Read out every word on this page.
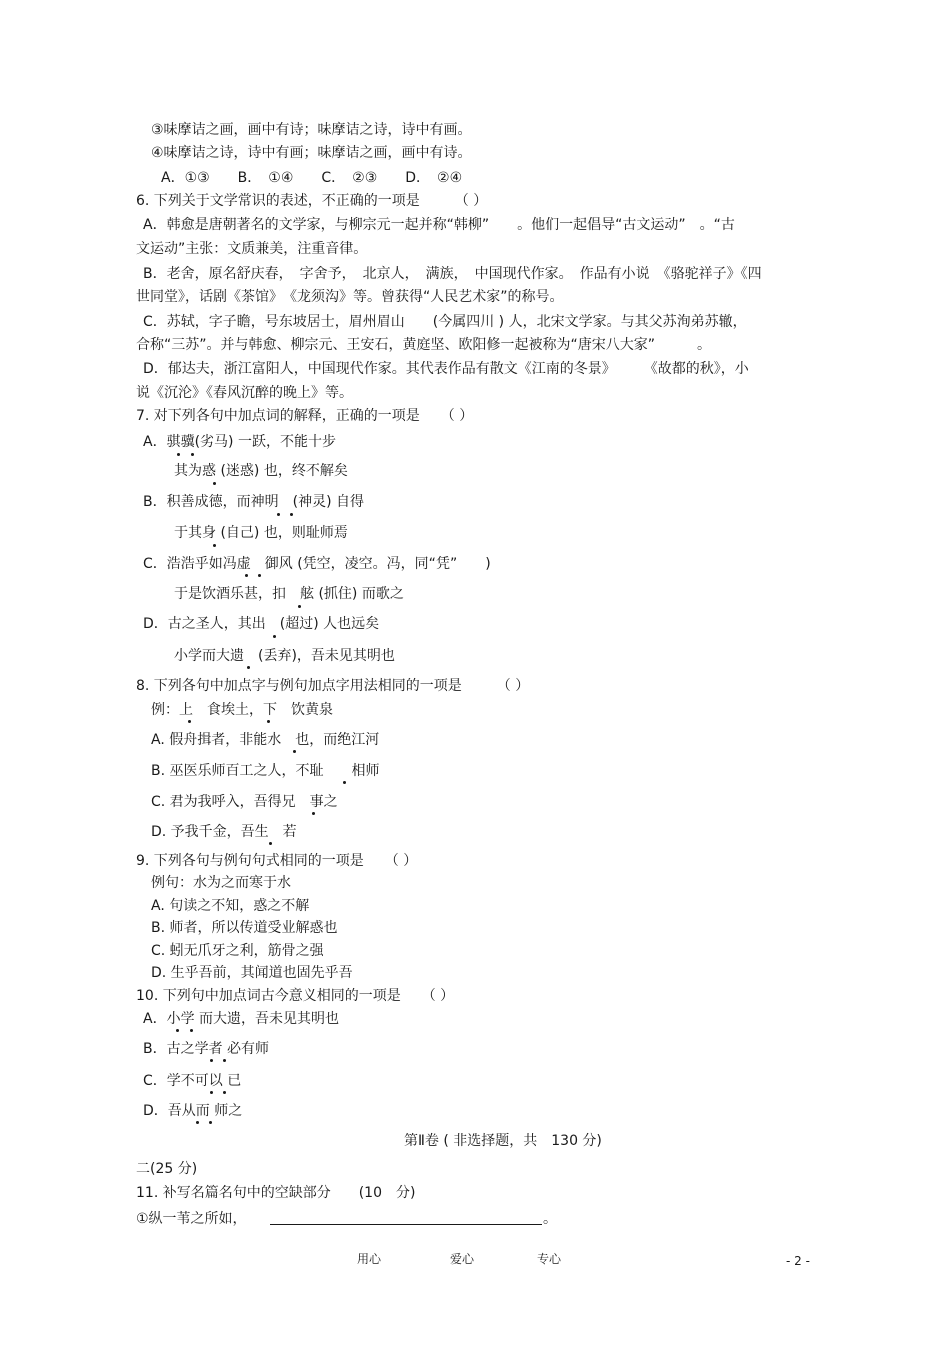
③味摩诘之画，画中有诗；味摩诘之诗，诗中有画。
④味摩诘之诗，诗中有画；味摩诘之画，画中有诗。
A．①③　　B．　①④　　C．　②③　　D．　②④
6. 下列关于文学常识的表述，不正确的一项是　　　（ ）
A．韩愈是唐朝著名的文学家，与柳宗元一起并称“韩柳”　　。他们一起倡导“古文运动”　。“古
文运动”主张：文质兼美，注重音律。
B．老舍，原名舒庆春，　字舍予，　北京人，　满族，　中国现代作家。　作品有小说　《骆驼祥子》《四
世同堂》，话剧《茶馆》　《龙须沟》等。曾获得“人民艺术家”的称号。
C．苏轼，字子瞻，号东坡居士，眉州眉山　　(今属四川 ) 人，北宋文学家。与其父苏洵弟苏辙，
合称“三苏”。并与韩愈、柳宗元、王安石，黄庭坚、欧阳修一起被称为“唐宋八大家”　　　。
D．郁达夫，浙江富阳人，中国现代作家。其代表作品有散文《江南的冬景》　　　《故都的秋》，小
说《沉沦》《春风沉醉的晚上》等。
7. 对下列各句中加点词的解释，正确的一项是　　（ ）
A．骐骥(劣马) 一跃，不能十步
其为惑 (迷惑) 也，终不解矣
B．积善成德，而神明　(神灵) 自得
于其身 (自己) 也，则耻师焉
C．浩浩乎如冯虚　御风 (凭空，凌空。冯，同“凭”　　)
于是饮酒乐甚，扣　舷 (抓住) 而歌之
D．古之圣人，其出　(超过) 人也远矣
小学而大遗　(丢弃)，吾未见其明也
8. 下列各句中加点字与例句加点字用法相同的一项是　　　（ ）
例：上　食埃土，下　饮黄泉
A. 假舟揖者，非能水　也，而绝江河
B. 巫医乐师百工之人，不耻　　相师
C. 君为我呼入，吾得兄　事之
D. 予我千金，吾生　若
9. 下列各句与例句句式相同的一项是　　（ ）
例句：水为之而寒于水
A. 句读之不知，惑之不解
B. 师者，所以传道受业解惑也
C. 蚓无爪牙之利，筋骨之强
D. 生乎吾前，其闻道也固先乎吾
10. 下列句中加点词古今意义相同的一项是　　（ ）
A．小学 而大遗，吾未见其明也
B．古之学者 必有师
C．学不可以 已
D．吾从而 师之
第Ⅱ卷 ( 非选择题，共　130 分)
二(25 分)
11. 补写名篇名句中的空缺部分　　(10　分)
①纵一苇之所如，	。
用心	爱心	专心	- 2 -
